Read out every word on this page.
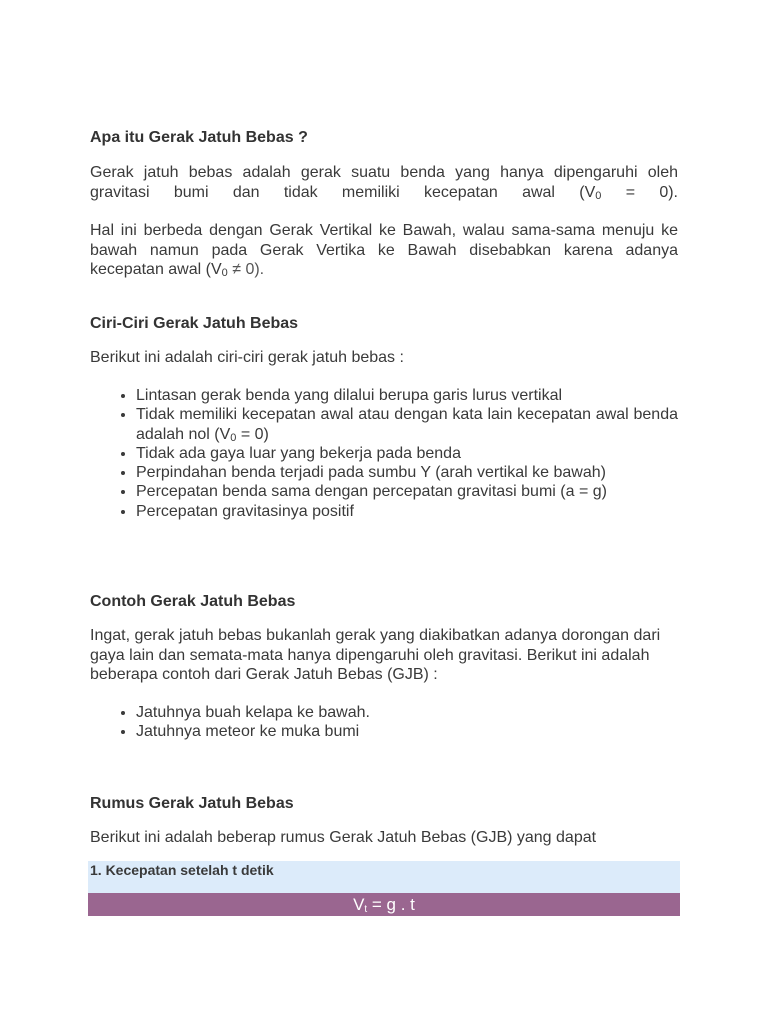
Apa itu Gerak Jatuh Bebas ?

Gerak jatuh bebas adalah gerak suatu benda yang hanya dipengaruhi oleh gravitasi bumi dan tidak memiliki kecepatan awal $(V_0 = 0)$.

Hal ini berbeda dengan Gerak Vertikal ke Bawah, walau sama-sama menuju ke bawah namun pada Gerak Vertika ke Bawah disebabkan karena adanya kecepatan awal $(V_0 \ne 0)$.

Ciri-Ciri Gerak Jatuh Bebas

Berikut ini adalah ciri-ciri gerak jatuh bebas :

• Lintasan gerak benda yang dilalui berupa garis lurus vertikal
• Tidak memiliki kecepatan awal atau dengan kata lain kecepatan awal benda adalah nol $(V_0 = 0)$
• Tidak ada gaya luar yang bekerja pada benda
• Perpindahan benda terjadi pada sumbu Y (arah vertikal ke bawah)
• Percepatan benda sama dengan percepatan gravitasi bumi (a = g)
• Percepatan gravitasinya positif
Contoh Gerak Jatuh Bebas

Ingat, gerak jatuh bebas bukanlah gerak yang diakibatkan adanya dorongan dari gaya lain dan semata-mata hanya dipengaruhi oleh gravitasi. Berikut ini adalah beberapa contoh dari Gerak Jatuh Bebas (GJB) :

• Jatuhnya buah kelapa ke bawah.
• Jatuhnya meteor ke muka bumi
Rumus Gerak Jatuh Bebas

Berikut ini adalah beberap rumus Gerak Jatuh Bebas (GJB) yang dapat

1. Kecepatan setelah t detik
$V_t = g$ . t
